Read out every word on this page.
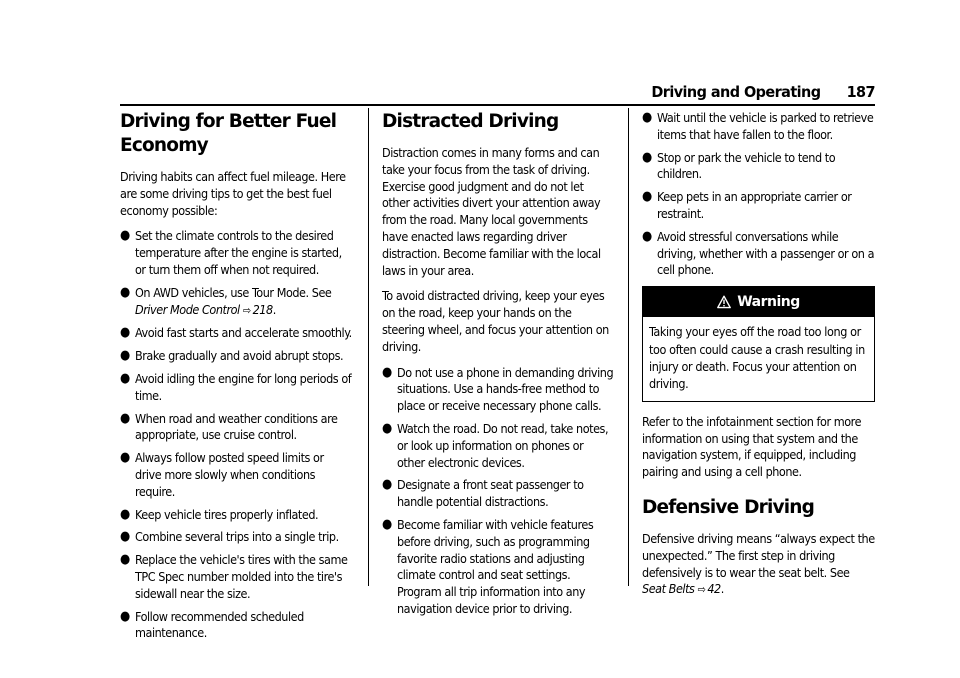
Driving and Operating 187
Driving for Better Fuel Economy

Driving habits can affect fuel mileage. Here are some driving tips to get the best fuel economy possible:

● Set the climate controls to the desired temperature after the engine is started, or turn them off when not required.
● On AWD vehicles, use Tour Mode. See Driver Mode Control ⇨ 218.
● Avoid fast starts and accelerate smoothly.
● Brake gradually and avoid abrupt stops.
● Avoid idling the engine for long periods of time.
● When road and weather conditions are appropriate, use cruise control.
● Always follow posted speed limits or drive more slowly when conditions require.
● Keep vehicle tires properly inflated.
● Combine several trips into a single trip.
● Replace the vehicle's tires with the same TPC Spec number molded into the tire's sidewall near the size.
● Follow recommended scheduled maintenance.
Distracted Driving

Distraction comes in many forms and can take your focus from the task of driving. Exercise good judgment and do not let other activities divert your attention away from the road. Many local governments have enacted laws regarding driver distraction. Become familiar with the local laws in your area.

To avoid distracted driving, keep your eyes on the road, keep your hands on the steering wheel, and focus your attention on driving.

● Do not use a phone in demanding driving situations. Use a hands-free method to place or receive necessary phone calls.
● Watch the road. Do not read, take notes, or look up information on phones or other electronic devices.
● Designate a front seat passenger to handle potential distractions.
● Become familiar with vehicle features before driving, such as programming favorite radio stations and adjusting climate control and seat settings. Program all trip information into any navigation device prior to driving.
● Wait until the vehicle is parked to retrieve items that have fallen to the floor.
● Stop or park the vehicle to tend to children.
● Keep pets in an appropriate carrier or restraint.
● Avoid stressful conversations while driving, whether with a passenger or on a cell phone.
Warning
Taking your eyes off the road too long or too often could cause a crash resulting in injury or death. Focus your attention on driving.

Refer to the infotainment section for more information on using that system and the navigation system, if equipped, including pairing and using a cell phone.

Defensive Driving

Defensive driving means “always expect the unexpected.” The first step in driving defensively is to wear the seat belt. See
Seat Belts ⇨ 42.
